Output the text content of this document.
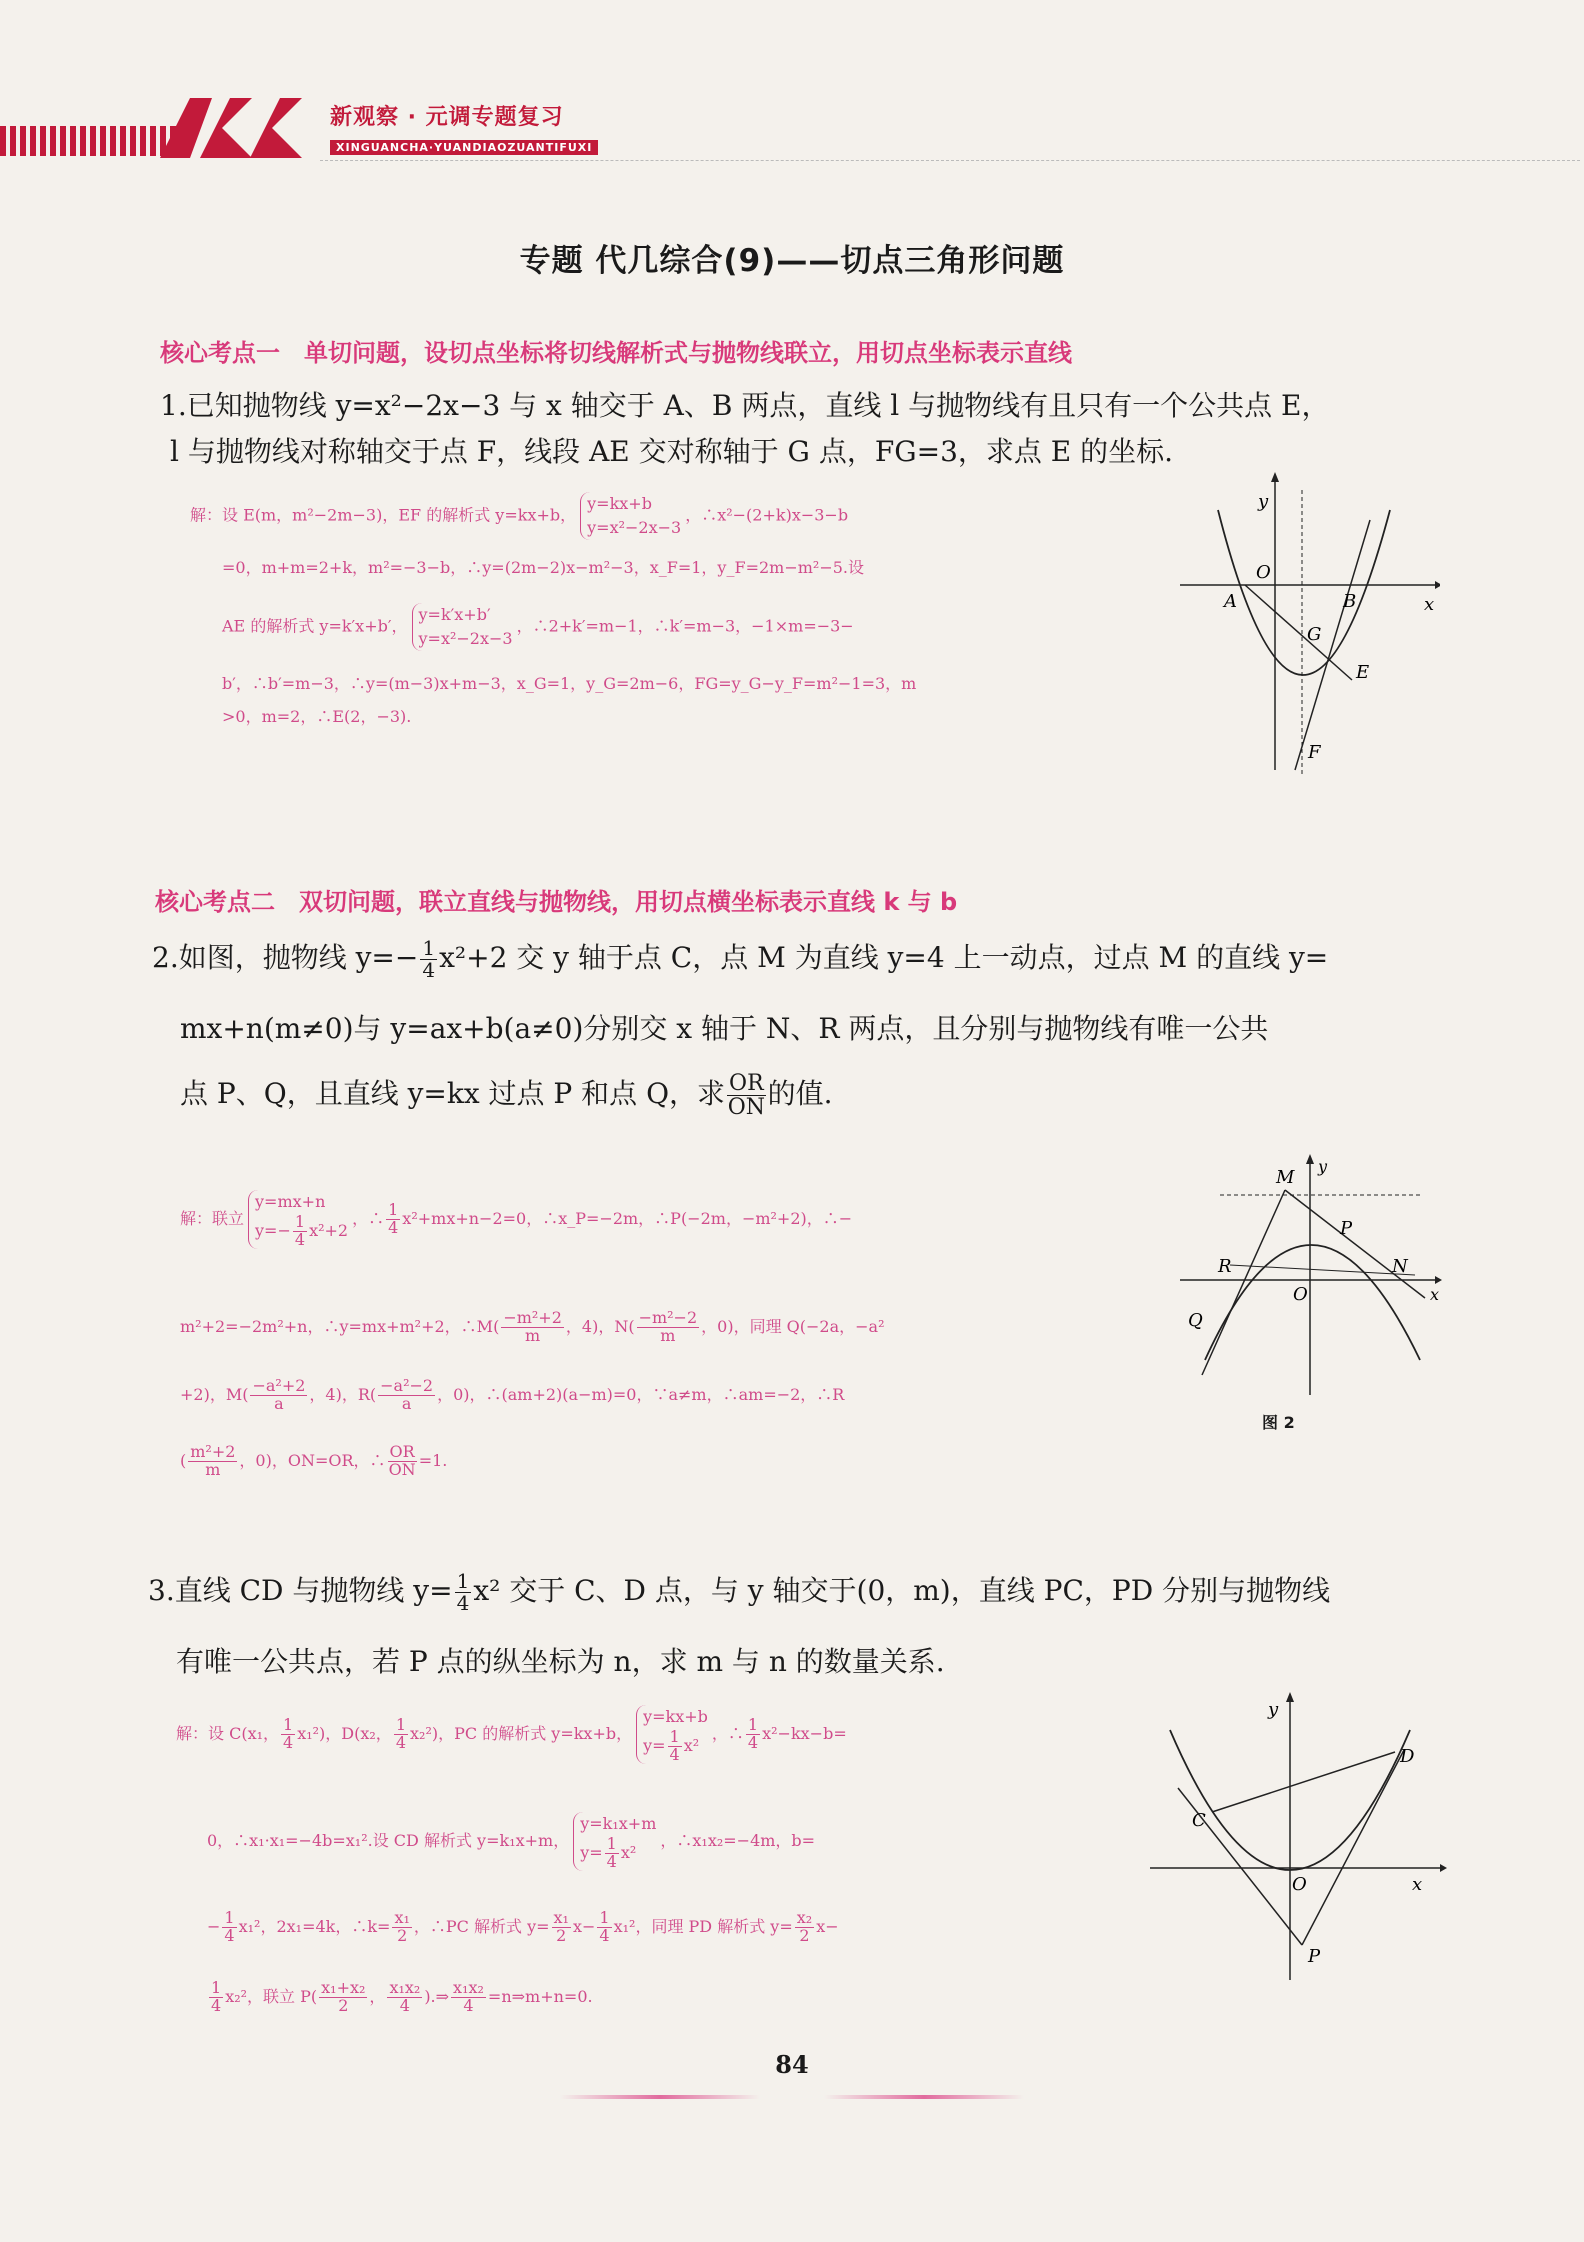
新观察 · 元调专题复习
XINGUANCHA·YUANDIAOZUANTIFUXI
专题 代几综合(9)——切点三角形问题
核心考点一　单切问题，设切点坐标将切线解析式与抛物线联立，用切点坐标表示直线
1.已知抛物线 y=x²−2x−3 与 x 轴交于 A、B 两点，直线 l 与抛物线有且只有一个公共点 E，
l 与抛物线对称轴交于点 F，线段 AE 交对称轴于 G 点，FG=3，求点 E 的坐标.
解：设 E(m，m²−2m−3)，EF 的解析式 y=kx+b，
y=kx+b
y=x²−2x−3
，∴x²−(2+k)x−3−b
=0，m+m=2+k，m²=−3−b，∴y=(2m−2)x−m²−3，x_F=1，y_F=2m−m²−5.设
AE 的解析式 y=k′x+b′，
y=k′x+b′
y=x²−2x−3
，∴2+k′=m−1，∴k′=m−3，−1×m=−3−
b′，∴b′=m−3，∴y=(m−3)x+m−3，x_G=1，y_G=2m−6，FG=y_G−y_F=m²−1=3，m
>0，m=2，∴E(2，−3).
y
x
O
A	B
G
E
F
核心考点二　双切问题，联立直线与抛物线，用切点横坐标表示直线 k 与 b
2.如图，抛物线 $y=- \frac{1}{4} x^2+2$ 交 y 轴于点 C，点 M 为直线 y=4 上一动点，过点 M 的直线 y=
mx+n(m≠0)与 y=ax+b(a≠0)分别交 x 轴于 N、R 两点，且分别与抛物线有唯一公共
点 P、Q，且直线 y=kx 过点 P 和点 Q，求 $\frac{OR}{ON}$ 的值.
解：联立
y=mx+n
$y=- \frac{1}{4} x^2+2$
，∴ $\frac{1}{4} x^2+mx+n-2=0$，∴x_P=−2m，∴P(−2m，−m²+2)，∴−
m²+2=−2m²+n，∴y=mx+m²+2，∴M( $\frac{\text{−m²+2}}{m}$ ，4)，$N( \frac{\text{−m²−2}}{m}$ ，0)，同理 Q(−2a，−a²
+2)，$M( \frac{\text{−a²+2}}{a}$ ，4)，$R( \frac{\text{−a²−2}}{a}$ ，0)，∴(am+2)(a−m)=0，∵a≠m，∴am=−2，∴R
( $\frac{\text{m²+2}}{m}$ ，0)，ON=OR，∴ $\frac{OR}{ON} =1$.
M
y
P
R
O
N
x
Q
图 2
3.直线 CD 与抛物线 $y= \frac{1}{4} x^2$ 交于 C、D 点，与 y 轴交于(0，m)，直线 PC，PD 分别与抛物线
有唯一公共点，若 P 点的纵坐标为 n，求 m 与 n 的数量关系.
解：设 C(x₁， $\frac{1}{4} x_1^2$)，D(x₂， $\frac{1}{4} x_2^2$)，PC 的解析式 y=kx+b，
y=kx+b
$y= \frac{1}{4} x^2$
，∴ $\frac{1}{4} x^2-kx-b=$
0，∴x₁·x₁=−4b=x₁².设 CD 解析式 y=k₁x+m，
y=k₁x+m
$y= \frac{1}{4} x^2$
，∴x₁x₂=−4m，b=
− $\frac{1}{4} x_1^2$，2x₁=4k，∴k= $\frac{\text{x₁}}{2}$ ，∴PC 解析式 $y= \frac{\text{x₁}}{2} x- \frac{1}{4} x_1^2$，同理 PD 解析式 $y= \frac{\text{x₂}}{2} x-$
$\frac{1}{4} x_2^2$，联立 $P( \frac{\text{x₁+x₂}}{2}$ ， $\frac{\text{x₁x₂}}{4}$ ).⇒ $\frac{\text{x₁x₂}}{4}$ =n⇒m+n=0.
y
C
D
O	x
P
84
